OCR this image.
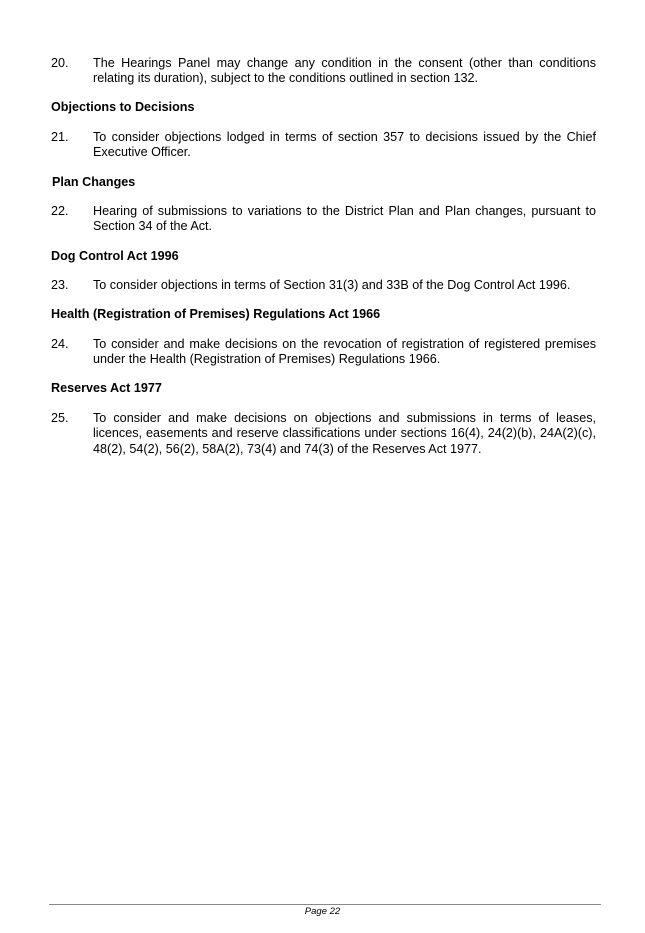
20.	The Hearings Panel may change any condition in the consent (other than conditions relating its duration), subject to the conditions outlined in section 132.
Objections to Decisions
21.	To consider objections lodged in terms of section 357 to decisions issued by the Chief Executive Officer.
Plan Changes
22.	Hearing of submissions to variations to the District Plan and Plan changes, pursuant to Section 34 of the Act.
Dog Control Act 1996
23.	To consider objections in terms of Section 31(3) and 33B of the Dog Control Act 1996.
Health (Registration of Premises) Regulations Act 1966
24.	To consider and make decisions on the revocation of registration of registered premises under the Health (Registration of Premises) Regulations 1966.
Reserves Act 1977
25.	To consider and make decisions on objections and submissions in terms of leases, licences, easements and reserve classifications under sections 16(4), 24(2)(b), 24A(2)(c), 48(2), 54(2), 56(2), 58A(2), 73(4) and 74(3) of the Reserves Act 1977.
Page 22
